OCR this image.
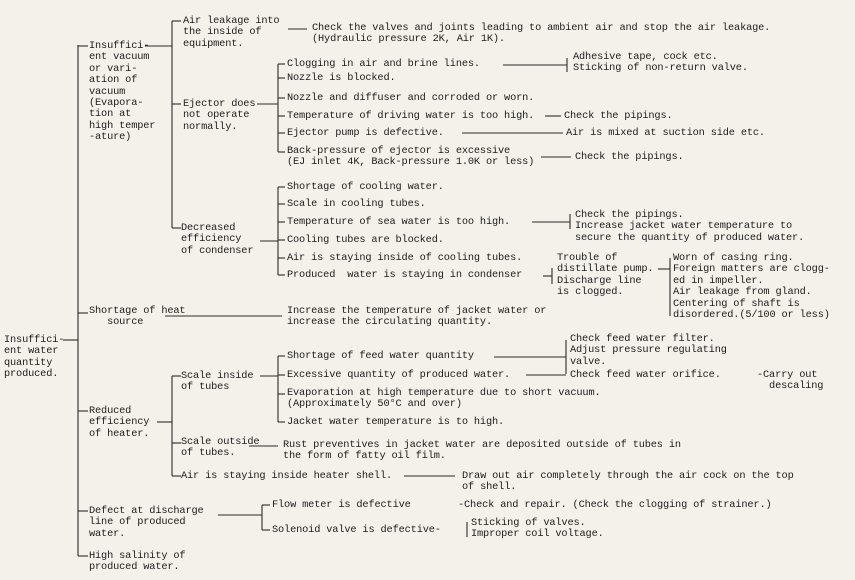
Insuffici-
ent water
quantity
produced.
Insuffici-
ent vacuum
or vari-
ation of
vacuum
(Evapora-
tion at
high temper
-ature)
Air leakage into
the inside of
equipment.
Check the valves and joints leading to ambient air and stop the air leakage.
(Hydraulic pressure 2K, Air 1K).
Ejector does
not operate
normally.
Clogging in air and brine lines.
Adhesive tape, cock etc.
Sticking of non-return valve.
Nozzle is blocked.
Nozzle and diffuser and corroded or worn.
Temperature of driving water is too high.	Check the pipings.
Ejector pump is defective.	Air is mixed at suction side etc.
Back-pressure of ejector is excessive
(EJ inlet 4K, Back-pressure 1.0K or less)	Check the pipings.
Decreased
efficiency
of condenser
Shortage of cooling water.
Scale in cooling tubes.
Temperature of sea water is too high.
Check the pipings.
Increase jacket water temperature to
secure the quantity of produced water.
Cooling tubes are blocked.
Air is staying inside of cooling tubes.
Produced  water is staying in condenser
Trouble of
distillate pump.
Discharge line
is clogged.
Worn of casing ring.
Foreign matters are clogg-
ed in impeller.
Air leakage from gland.
Centering of shaft is
disordered.(5/100 or less)
Shortage of heat
source
Increase the temperature of jacket water or
increase the circulating quantity.
Reduced
efficiency
of heater.
Scale inside
of tubes
Shortage of feed water quantity
Check feed water filter.
Adjust pressure regulating
valve.
Excessive quantity of produced water.	Check feed water orifice.
Evaporation at high temperature due to short vacuum.
(Approximately 50°C and over)
Jacket water temperature is to high.
-Carry out
descaling
Scale outside
of tubes.
Rust preventives in jacket water are deposited outside of tubes in
the form of fatty oil film.
Air is staying inside heater shell.	Draw out air completely through the air cock on the top
of shell.
Defect at discharge
line of produced
water.
Flow meter is defective	-Check and repair. (Check the clogging of strainer.)
Solenoid valve is defective-
Sticking of valves.
Improper coil voltage.
High salinity of
produced water.
